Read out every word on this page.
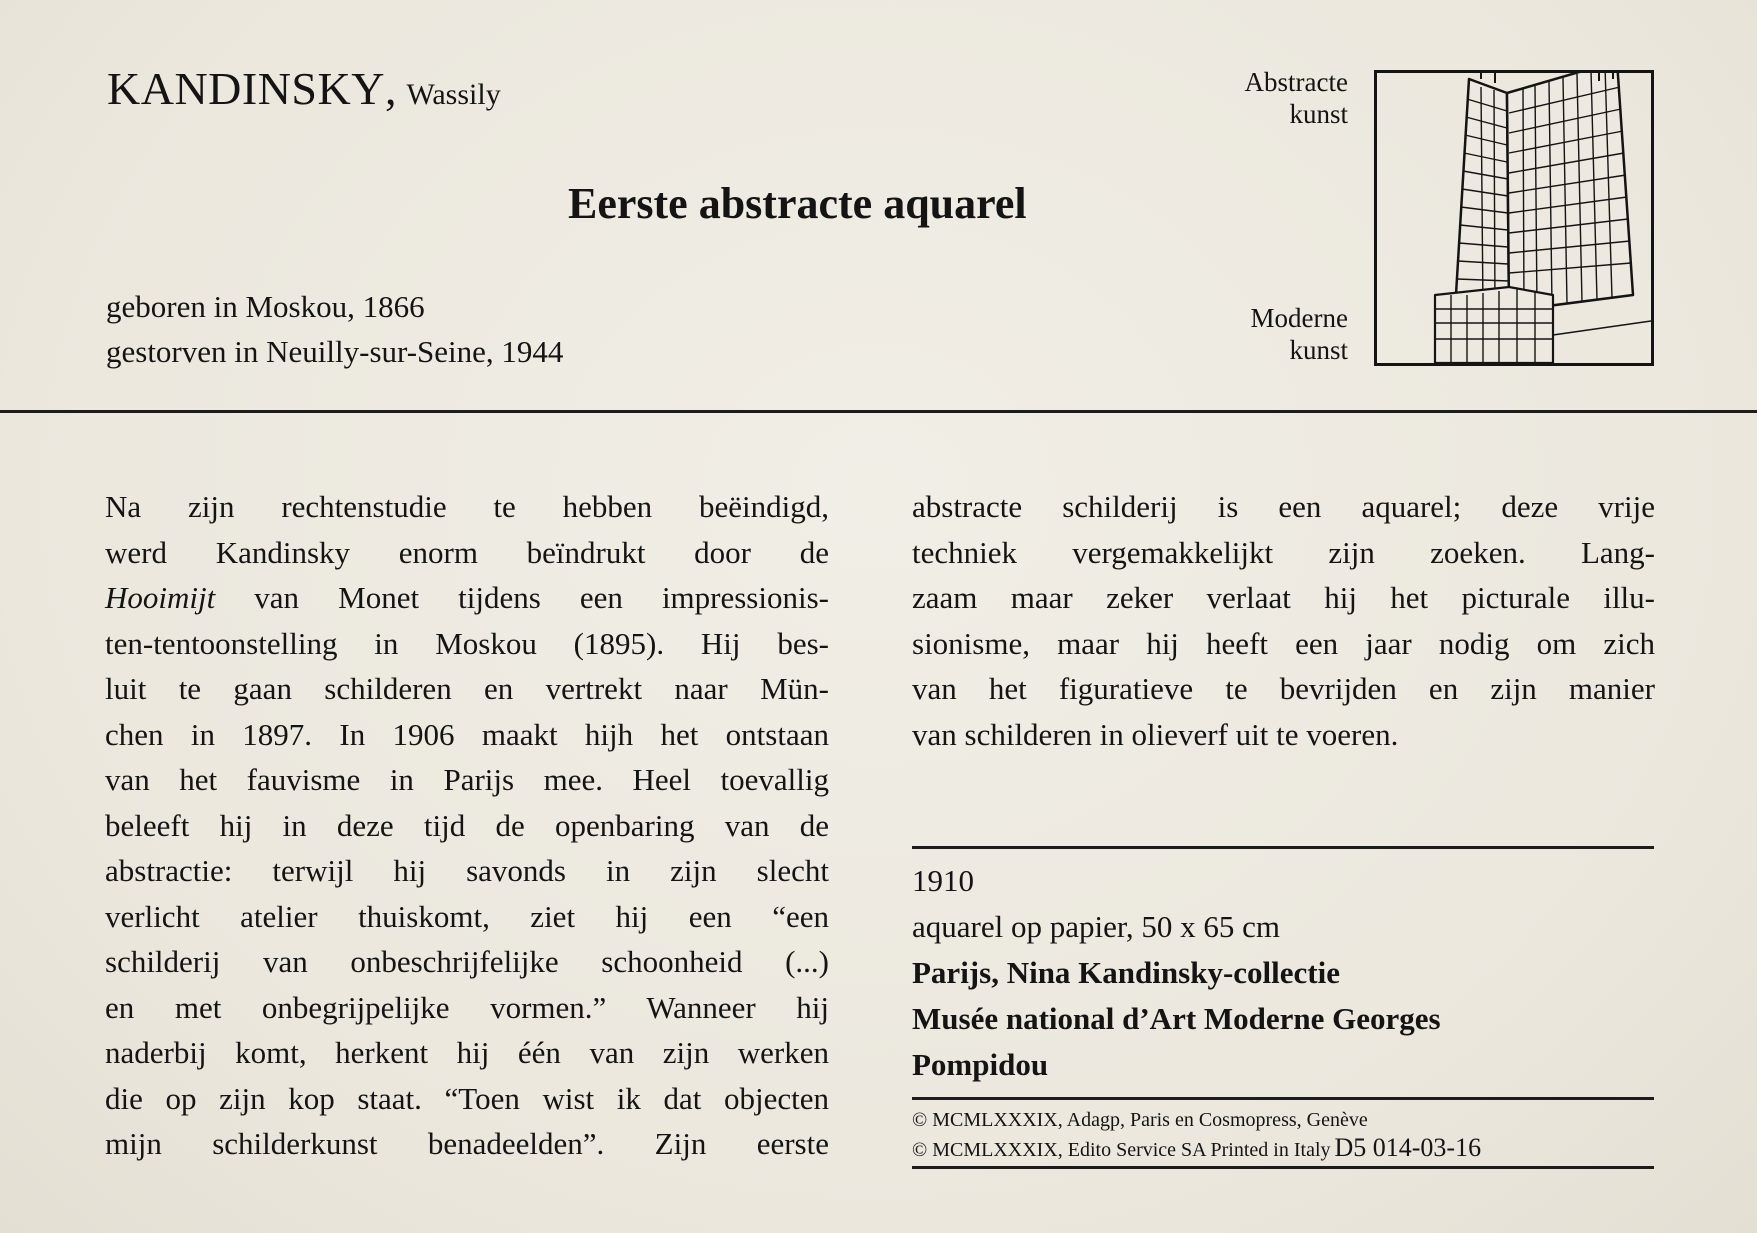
KANDINSKY, Wassily
Eerste abstracte aquarel
geboren in Moskou, 1866
gestorven in Neuilly-sur-Seine, 1944
Abstracte
kunst
Moderne
kunst
Na zijn rechtenstudie te hebben beëindigd,
werd Kandinsky enorm beïndrukt door de
Hooimijt van Monet tijdens een impressionis-
ten-tentoonstelling in Moskou (1895). Hij bes-
luit te gaan schilderen en vertrekt naar Mün-
chen in 1897. In 1906 maakt hijh het ontstaan
van het fauvisme in Parijs mee. Heel toevallig
beleeft hij in deze tijd de openbaring van de
abstractie: terwijl hij savonds in zijn slecht
verlicht atelier thuiskomt, ziet hij een “een
schilderij van onbeschrijfelijke schoonheid (...)
en met onbegrijpelijke vormen.” Wanneer hij
naderbij komt, herkent hij één van zijn werken
die op zijn kop staat. “Toen wist ik dat objecten
mijn schilderkunst benadeelden”. Zijn eerste
abstracte schilderij is een aquarel; deze vrije
techniek vergemakkelijkt zijn zoeken. Lang-
zaam maar zeker verlaat hij het picturale illu-
sionisme, maar hij heeft een jaar nodig om zich
van het figuratieve te bevrijden en zijn manier
van schilderen in olieverf uit te voeren.
1910
aquarel op papier, 50 x 65 cm
Parijs, Nina Kandinsky-collectie
Musée national d’Art Moderne Georges
Pompidou
© MCMLXXXIX, Adagp, Paris en Cosmopress, Genève
© MCMLXXXIX, Edito Service SA Printed in Italy D5 014-03-16
